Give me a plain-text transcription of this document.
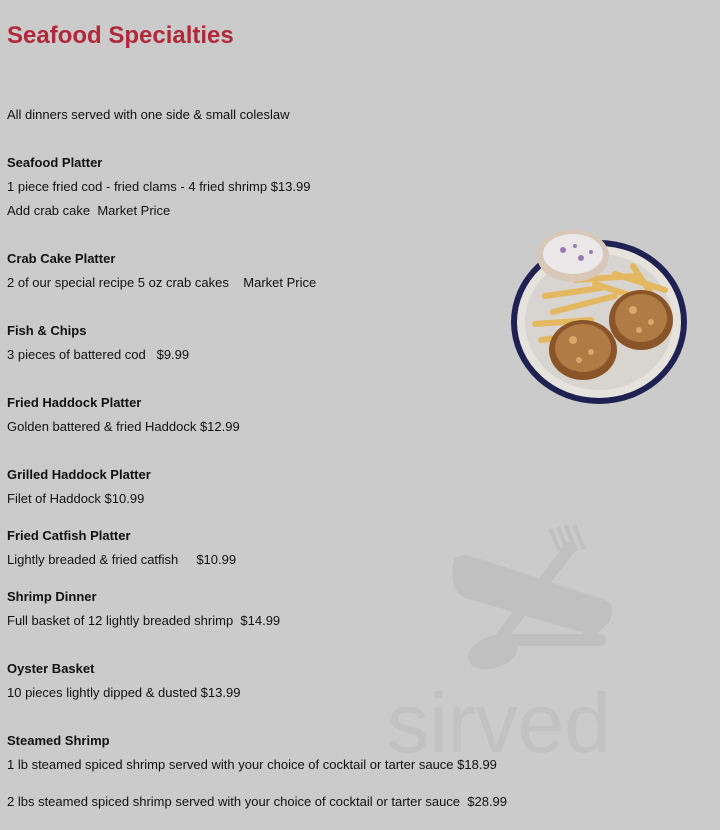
Seafood Specialties

All dinners served with one side & small coleslaw

Seafood Platter

1 piece fried cod - fried clams - 4 fried shrimp $13.99

Add crab cake  Market Price

Crab Cake Platter

2 of our special recipe 5 oz crab cakes    Market Price

Fish & Chips

3 pieces of battered cod   $9.99

Fried Haddock Platter

Golden battered & fried Haddock $12.99

Grilled Haddock Platter

Filet of Haddock $10.99

Fried Catfish Platter

Lightly breaded & fried catfish     $10.99

Shrimp Dinner

Full basket of 12 lightly breaded shrimp  $14.99

Oyster Basket

10 pieces lightly dipped & dusted $13.99

Steamed Shrimp

1 lb steamed spiced shrimp served with your choice of cocktail or tarter sauce $18.99

2 lbs steamed spiced shrimp served with your choice of cocktail or tarter sauce  $28.99

sirved
